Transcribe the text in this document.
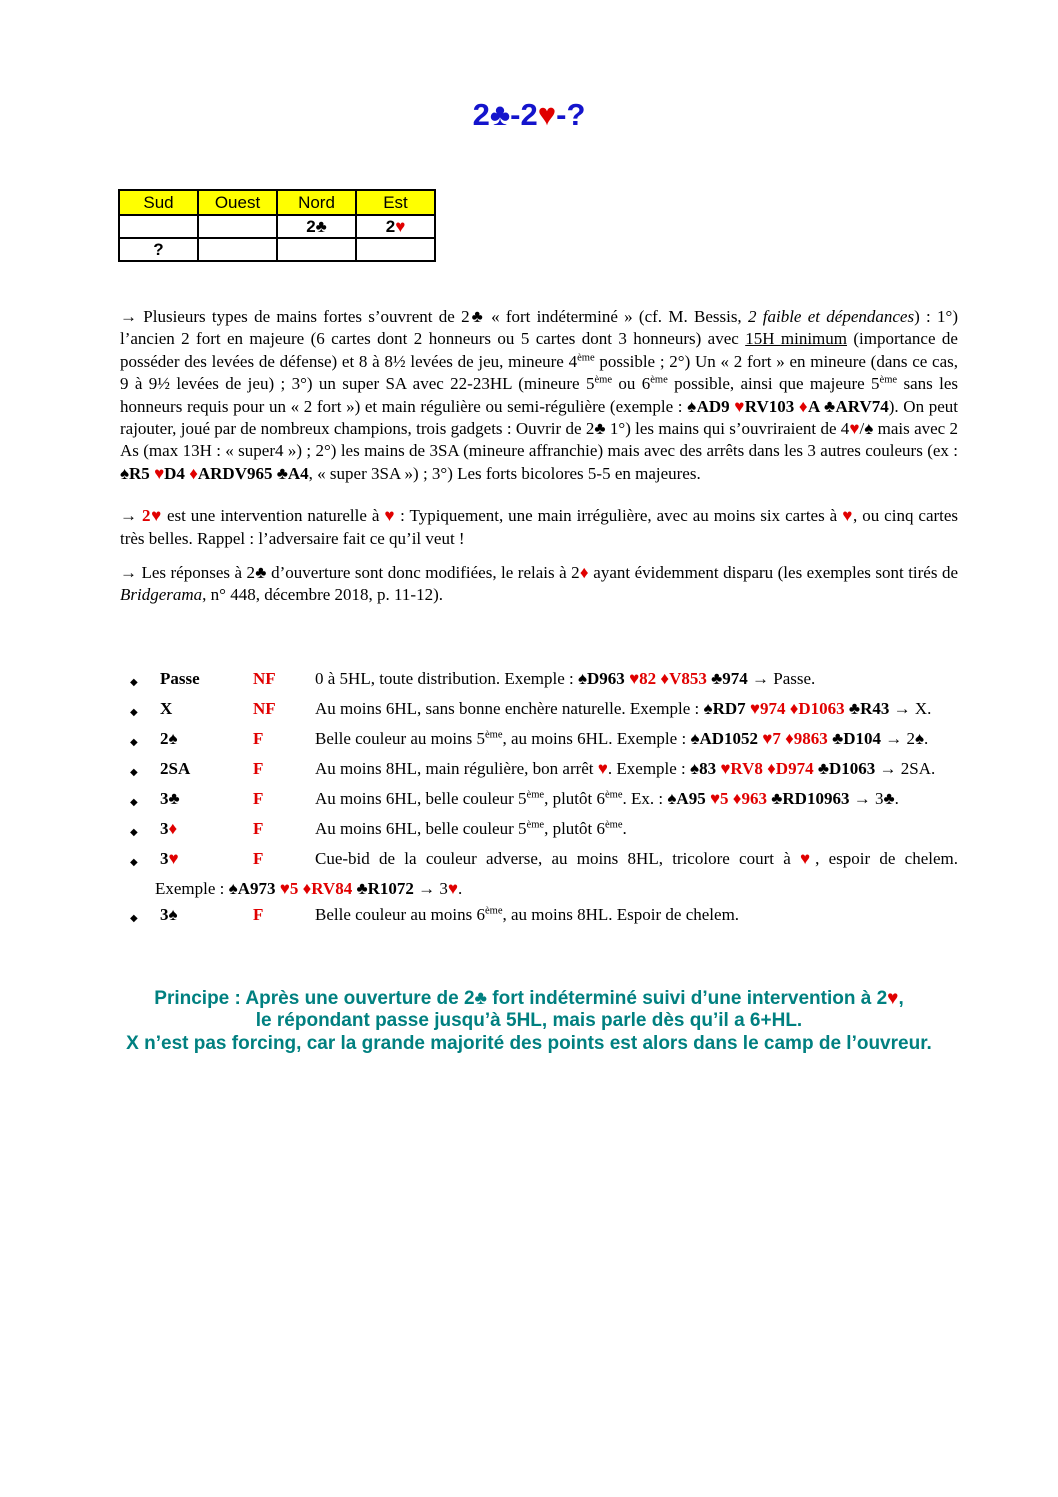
2♣-2♥-?
Sud	Ouest	Nord	Est
		2♣	2♥
?			

→ Plusieurs types de mains fortes s’ouvrent de 2♣ « fort indéterminé » (cf. M. Bessis, 2 faible et dépendances) : 1°) l’ancien 2 fort en majeure (6 cartes dont 2 honneurs ou 5 cartes dont 3 honneurs) avec 15H minimum (importance de posséder des levées de défense) et 8 à 8½ levées de jeu, mineure 4ème possible ; 2°) Un « 2 fort » en mineure (dans ce cas, 9 à 9½ levées de jeu) ; 3°) un super SA avec 22-23HL (mineure 5ème ou 6ème possible, ainsi que majeure 5ème sans les honneurs requis pour un « 2 fort ») et main régulière ou semi-régulière (exemple : ♠AD9 ♥RV103 ♦A ♣ARV74). On peut rajouter, joué par de nombreux champions, trois gadgets : Ouvrir de 2♣ 1°) les mains qui s’ouvriraient de 4♥/♠ mais avec 2 As (max 13H : « super4 ») ; 2°) les mains de 3SA (mineure affranchie) mais avec des arrêts dans les 3 autres couleurs (ex : ♠R5 ♥D4 ♦ARDV965 ♣A4, « super 3SA ») ; 3°) Les forts bicolores 5-5 en majeures.

→ 2♥ est une intervention naturelle à ♥ : Typiquement, une main irrégulière, avec au moins six cartes à ♥, ou cinq cartes très belles. Rappel : l’adversaire fait ce qu’il veut !

→ Les réponses à 2♣ d’ouverture sont donc modifiées, le relais à 2♦ ayant évidemment disparu (les exemples sont tirés de Bridgerama, n° 448, décembre 2018, p. 11-12).

◆	Passe	NF	0 à 5HL, toute distribution. Exemple : ♠D963 ♥82 ♦V853 ♣974 → Passe.
◆	X	NF	Au moins 6HL, sans bonne enchère naturelle. Exemple : ♠RD7 ♥974 ♦D1063 ♣R43 → X.
◆	2♠	F	Belle couleur au moins 5ème, au moins 6HL. Exemple : ♠AD1052 ♥7 ♦9863 ♣D104 → 2♠.
◆	2SA	F	Au moins 8HL, main régulière, bon arrêt ♥. Exemple : ♠83 ♥RV8 ♦D974 ♣D1063 → 2SA.
◆	3♣	F	Au moins 6HL, belle couleur 5ème, plutôt 6ème. Ex. : ♠A95 ♥5 ♦963 ♣RD10963 → 3♣.
◆	3♦	F	Au moins 6HL, belle couleur 5ème, plutôt 6ème.
◆	3♥	F	Cue-bid de la couleur adverse, au moins 8HL, tricolore court à ♥, espoir de chelem.
Exemple : ♠A973 ♥5 ♦RV84 ♣R1072 → 3♥.
◆	3♠	F	Belle couleur au moins 6ème, au moins 8HL. Espoir de chelem.
Principe : Après une ouverture de 2♣ fort indéterminé suivi d’une intervention à 2♥,
le répondant passe jusqu’à 5HL, mais parle dès qu’il a 6+HL.
X n’est pas forcing, car la grande majorité des points est alors dans le camp de l’ouvreur.
